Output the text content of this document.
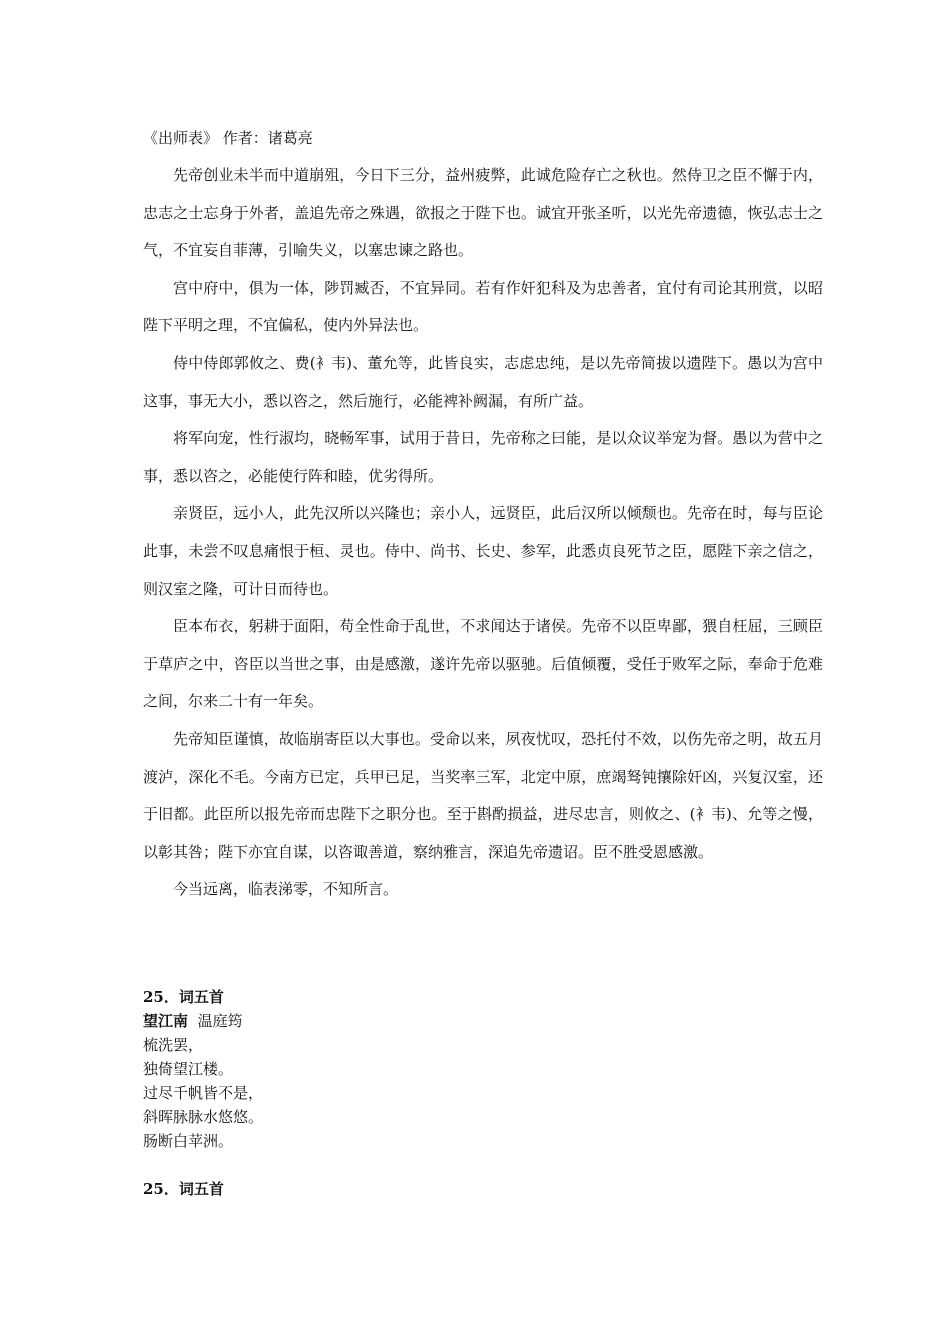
《出师表》 作者：诸葛亮

先帝创业未半而中道崩殂，今日下三分，益州疲弊，此诚危险存亡之秋也。然侍卫之臣不懈于内，忠志之士忘身于外者，盖追先帝之殊遇，欲报之于陛下也。诚宜开张圣听，以光先帝遗德，恢弘志士之气，不宜妄自菲薄，引喻失义，以塞忠谏之路也。

宫中府中，俱为一体，陟罚臧否，不宜异同。若有作奸犯科及为忠善者，宜付有司论其刑赏，以昭陛下平明之理，不宜偏私，使内外异法也。

侍中侍郎郭攸之、费(衤韦)、董允等，此皆良实，志虑忠纯，是以先帝简拔以遗陛下。愚以为宫中这事，事无大小，悉以咨之，然后施行，必能裨补阙漏，有所广益。

将军向宠，性行淑均，晓畅军事，试用于昔日，先帝称之曰能，是以众议举宠为督。愚以为营中之事，悉以咨之，必能使行阵和睦，优劣得所。

亲贤臣，远小人，此先汉所以兴隆也；亲小人，远贤臣，此后汉所以倾颓也。先帝在时，每与臣论此事，未尝不叹息痛恨于桓、灵也。侍中、尚书、长史、参军，此悉贞良死节之臣，愿陛下亲之信之，则汉室之隆，可计日而待也。

臣本布衣，躬耕于面阳，苟全性命于乱世，不求闻达于诸侯。先帝不以臣卑鄙，猥自枉屈，三顾臣于草庐之中，咨臣以当世之事，由是感激，遂许先帝以驱驰。后值倾覆，受任于败军之际，奉命于危难之间，尔来二十有一年矣。

先帝知臣谨慎，故临崩寄臣以大事也。受命以来，夙夜忧叹，恐托付不效，以伤先帝之明，故五月渡泸，深化不毛。今南方已定，兵甲已足，当奖率三军，北定中原，庶竭驽钝攘除奸凶，兴复汉室，还于旧都。此臣所以报先帝而忠陛下之职分也。至于斟酌损益，进尽忠言，则攸之、(衤韦)、允等之慢，以彰其咎；陛下亦宜自谋，以咨诹善道，察纳雅言，深追先帝遗诏。臣不胜受恩感激。

今当远离，临表涕零，不知所言。

25．词五首
望江南 温庭筠
梳洗罢，
独倚望江楼。
过尽千帆皆不是，
斜晖脉脉水悠悠。
肠断白苹洲。
25．词五首
